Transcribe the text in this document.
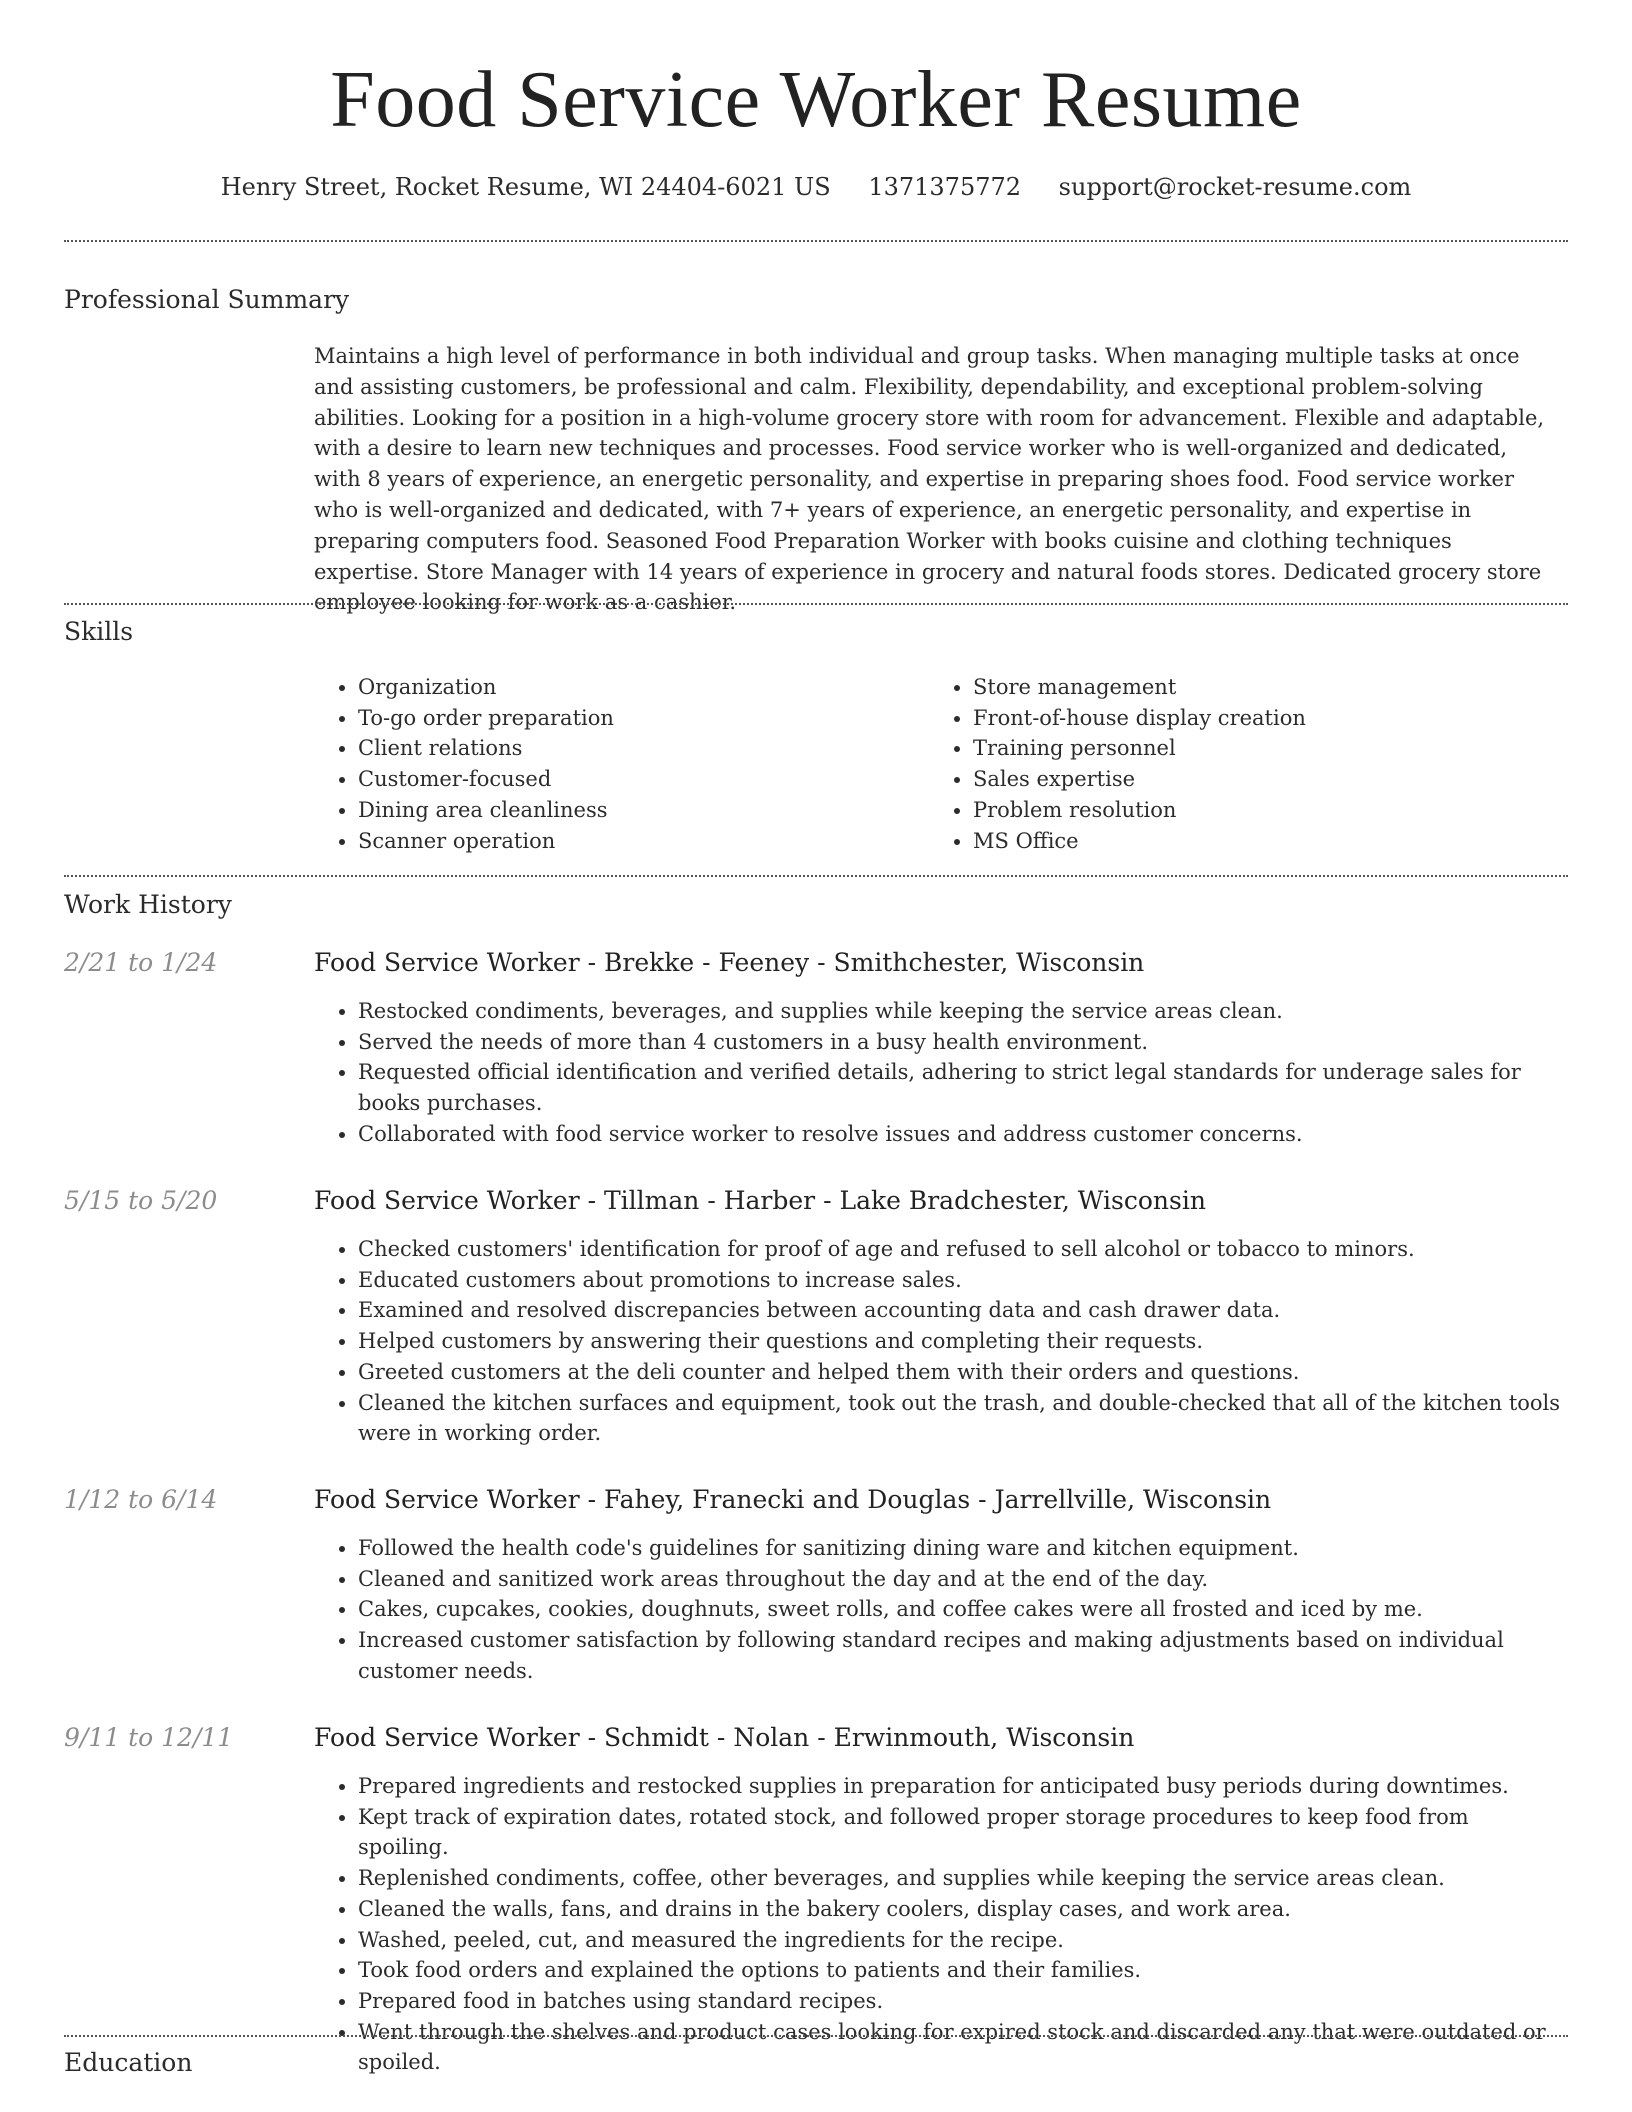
Food Service Worker Resume
Henry Street, Rocket Resume, WI 24404-6021 US 1371375772 support@rocket-resume.com
Professional Summary

Maintains a high level of performance in both individual and group tasks. When managing multiple tasks at once and assisting customers, be professional and calm. Flexibility, dependability, and exceptional problem-solving abilities. Looking for a position in a high-volume grocery store with room for advancement. Flexible and adaptable, with a desire to learn new techniques and processes. Food service worker who is well-organized and dedicated, with 8 years of experience, an energetic personality, and expertise in preparing shoes food. Food service worker who is well-organized and dedicated, with 7+ years of experience, an energetic personality, and expertise in preparing computers food. Seasoned Food Preparation Worker with books cuisine and clothing techniques expertise. Store Manager with 14 years of experience in grocery and natural foods stores. Dedicated grocery store employee looking for work as a cashier.

Skills
• Organization
• To-go order preparation
• Client relations
• Customer-focused
• Dining area cleanliness
• Scanner operation
• Store management
• Front-of-house display creation
• Training personnel
• Sales expertise
• Problem resolution
• MS Office
Work History
2/21 to 1/24	Food Service Worker - Brekke - Feeney - Smithchester, Wisconsin
• Restocked condiments, beverages, and supplies while keeping the service areas clean.
• Served the needs of more than 4 customers in a busy health environment.
• Requested official identification and verified details, adhering to strict legal standards for underage sales for books purchases.
• Collaborated with food service worker to resolve issues and address customer concerns.
5/15 to 5/20	Food Service Worker - Tillman - Harber - Lake Bradchester, Wisconsin
• Checked customers' identification for proof of age and refused to sell alcohol or tobacco to minors.
• Educated customers about promotions to increase sales.
• Examined and resolved discrepancies between accounting data and cash drawer data.
• Helped customers by answering their questions and completing their requests.
• Greeted customers at the deli counter and helped them with their orders and questions.
• Cleaned the kitchen surfaces and equipment, took out the trash, and double-checked that all of the kitchen tools were in working order.
1/12 to 6/14	Food Service Worker - Fahey, Franecki and Douglas - Jarrellville, Wisconsin
• Followed the health code's guidelines for sanitizing dining ware and kitchen equipment.
• Cleaned and sanitized work areas throughout the day and at the end of the day.
• Cakes, cupcakes, cookies, doughnuts, sweet rolls, and coffee cakes were all frosted and iced by me.
• Increased customer satisfaction by following standard recipes and making adjustments based on individual customer needs.
9/11 to 12/11	Food Service Worker - Schmidt - Nolan - Erwinmouth, Wisconsin
• Prepared ingredients and restocked supplies in preparation for anticipated busy periods during downtimes.
• Kept track of expiration dates, rotated stock, and followed proper storage procedures to keep food from spoiling.
• Replenished condiments, coffee, other beverages, and supplies while keeping the service areas clean.
• Cleaned the walls, fans, and drains in the bakery coolers, display cases, and work area.
• Washed, peeled, cut, and measured the ingredients for the recipe.
• Took food orders and explained the options to patients and their families.
• Prepared food in batches using standard recipes.
• Went through the shelves and product cases looking for expired stock and discarded any that were outdated or spoiled.
Education
